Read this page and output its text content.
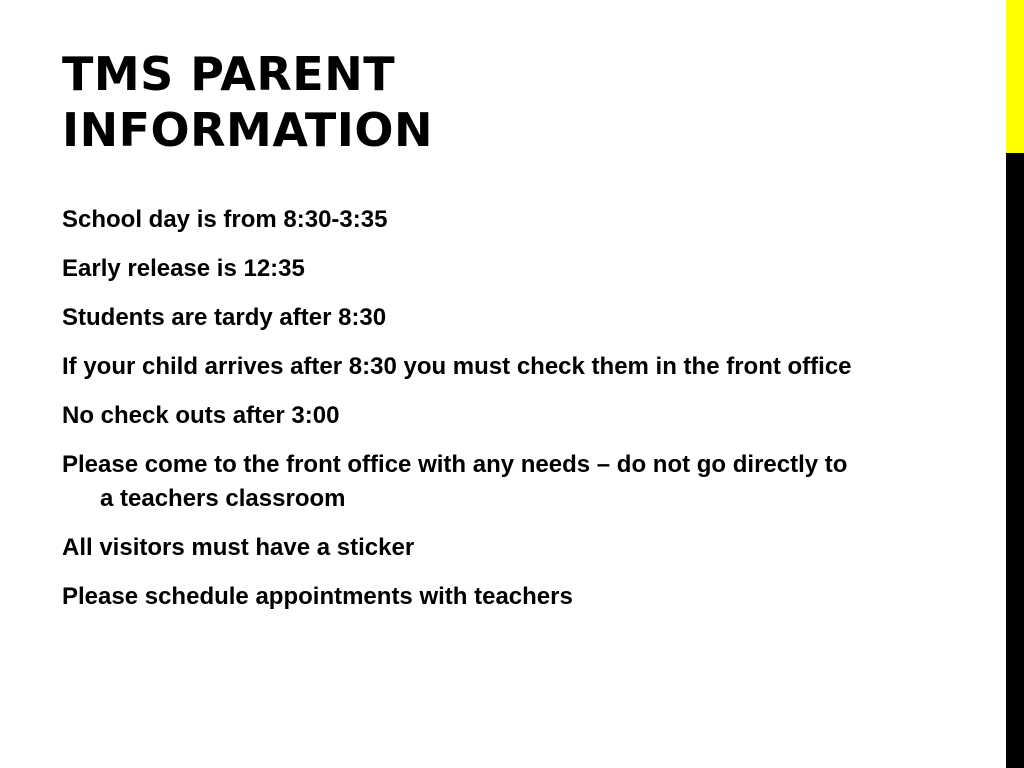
TMS PARENT
INFORMATION
School day is from 8:30-3:35
Early release is 12:35
Students are tardy after 8:30
If your child arrives after 8:30 you must check them in the front office
No check outs after 3:00
Please come to the front office with any needs – do not go directly to a teachers classroom
All visitors must have a sticker
Please schedule appointments with teachers
